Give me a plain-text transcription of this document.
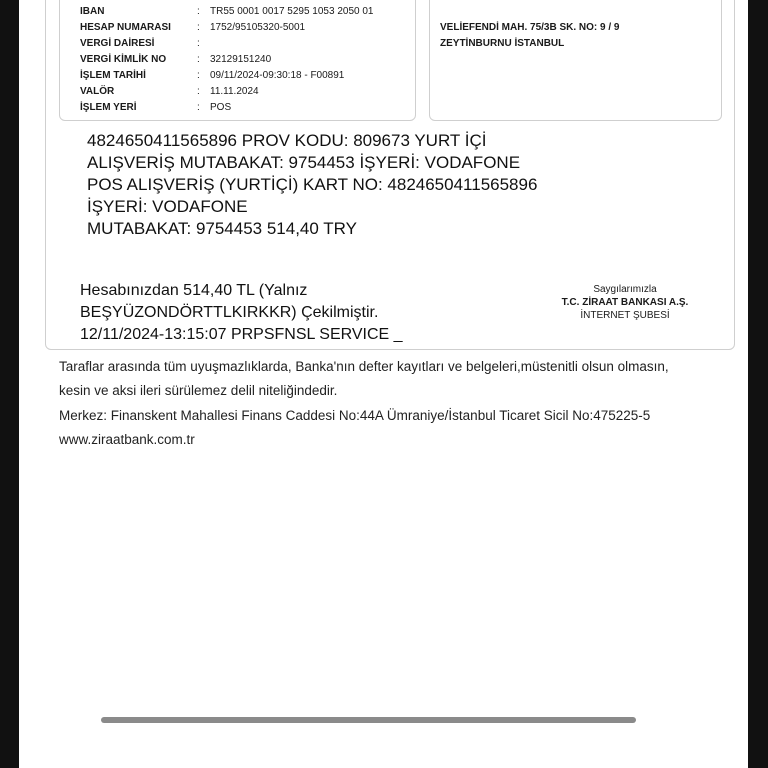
IBAN	: TR55 0001 0017 5295 1053 2050 01
HESAP NUMARASI	: 1752/95105320-5001
VERGİ DAİRESİ	:
VERGİ KİMLİK NO	: 32129151240
İŞLEM TARİHİ	: 09/11/2024-09:30:18 - F00891
VALÖR	: 11.11.2024
İŞLEM YERİ	: POS
VELİEFENDİ MAH. 75/3B SK. NO: 9 / 9
ZEYTİNBURNU İSTANBUL
4824650411565896 PROV KODU: 809673 YURT İÇİ
ALIŞVERİŞ MUTABAKAT: 9754453 İŞYERİ: VODAFONE
POS ALIŞVERİŞ (YURTİÇİ) KART NO: 4824650411565896
İŞYERİ: VODAFONE
MUTABAKAT: 9754453 514,40 TRY
Hesabınızdan 514,40 TL (Yalnız
BEŞYÜZONDÖRTTLKIRKKR) Çekilmiştir.
12/11/2024-13:15:07 PRPSFNSL SERVICE _
Saygılarımızla
T.C. ZİRAAT BANKASI A.Ş.
İNTERNET ŞUBESİ
Taraflar arasında tüm uyuşmazlıklarda, Banka'nın defter kayıtları ve belgeleri,müstenitli olsun olmasın,
kesin ve aksi ileri sürülemez delil niteliğindedir.
Merkez: Finanskent Mahallesi Finans Caddesi No:44A Ümraniye/İstanbul Ticaret Sicil No:475225-5
www.ziraatbank.com.tr
